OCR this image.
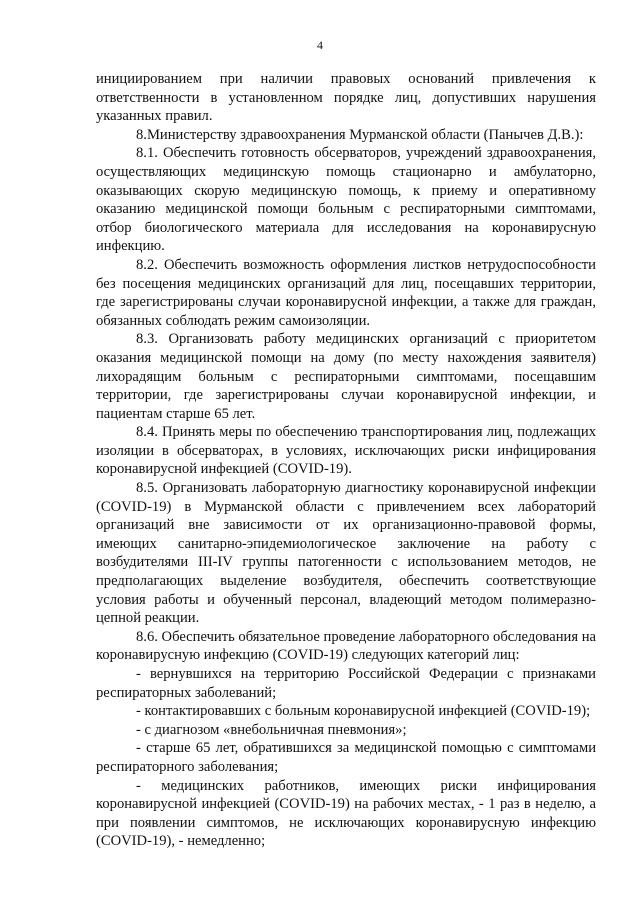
4

инициированием при наличии правовых оснований привлечения к ответственности в установленном порядке лиц, допустивших нарушения указанных правил.

8.Министерству здравоохранения Мурманской области (Панычев Д.В.):

8.1. Обеспечить готовность обсерваторов, учреждений здравоохранения, осуществляющих медицинскую помощь стационарно и амбулаторно, оказывающих скорую медицинскую помощь, к приему и оперативному оказанию медицинской помощи больным с респираторными симптомами, отбор биологического материала для исследования на коронавирусную инфекцию.

8.2. Обеспечить возможность оформления листков нетрудоспособности без посещения медицинских организаций для лиц, посещавших территории, где зарегистрированы случаи коронавирусной инфекции, а также для граждан, обязанных соблюдать режим самоизоляции.

8.3. Организовать работу медицинских организаций с приоритетом оказания медицинской помощи на дому (по месту нахождения заявителя) лихорадящим больным с респираторными симптомами, посещавшим территории, где зарегистрированы случаи коронавирусной инфекции, и пациентам старше 65 лет.

8.4. Принять меры по обеспечению транспортирования лиц, подлежащих изоляции в обсерваторах, в условиях, исключающих риски инфицирования коронавирусной инфекцией (COVID-19).

8.5. Организовать лабораторную диагностику коронавирусной инфекции (COVID-19) в Мурманской области с привлечением всех лабораторий организаций вне зависимости от их организационно-правовой формы, имеющих санитарно-эпидемиологическое заключение на работу с возбудителями III-IV группы патогенности с использованием методов, не предполагающих выделение возбудителя, обеспечить соответствующие условия работы и обученный персонал, владеющий методом полимеразно-цепной реакции.

8.6. Обеспечить обязательное проведение лабораторного обследования на коронавирусную инфекцию (COVID-19) следующих категорий лиц:

- вернувшихся на территорию Российской Федерации с признаками респираторных заболеваний;

- контактировавших с больным коронавирусной инфекцией (COVID-19);

- с диагнозом «внебольничная пневмония»;

- старше 65 лет, обратившихся за медицинской помощью с симптомами респираторного заболевания;

- медицинских работников, имеющих риски инфицирования коронавирусной инфекцией (COVID-19) на рабочих местах, - 1 раз в неделю, а при появлении симптомов, не исключающих коронавирусную инфекцию (COVID-19), - немедленно;
